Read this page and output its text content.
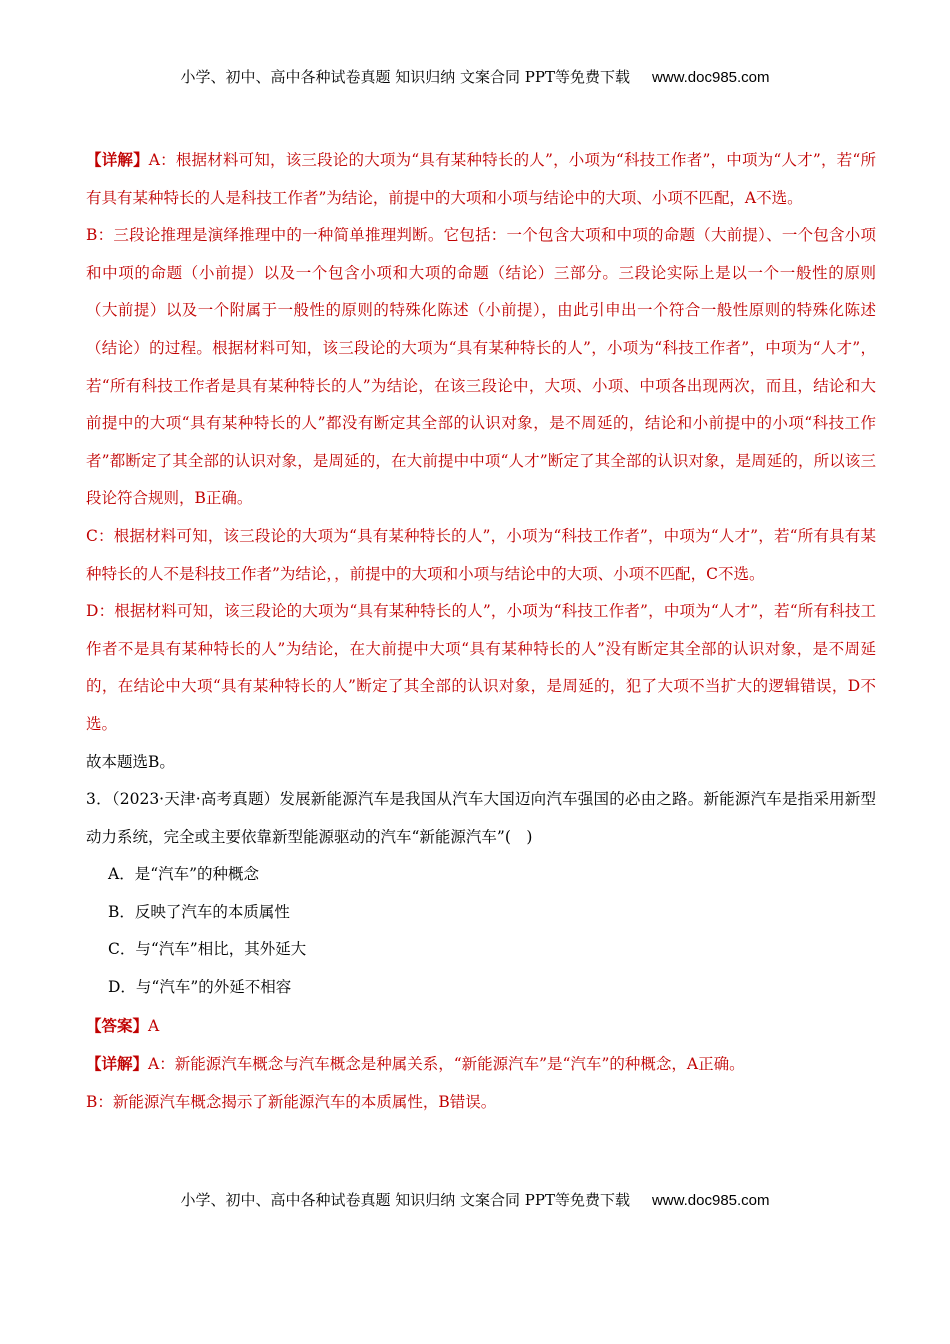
小学、初中、高中各种试卷真题 知识归纳 文案合同 PPT等免费下载 www.doc985.com

【详解】A：根据材料可知，该三段论的大项为“具有某种特长的人”，小项为“科技工作者”，中项为“人才”，若“所有具有某种特长的人是科技工作者”为结论，前提中的大项和小项与结论中的大项、小项不匹配，A不选。

B：三段论推理是演绎推理中的一种简单推理判断。它包括：一个包含大项和中项的命题（大前提）、一个包含小项和中项的命题（小前提）以及一个包含小项和大项的命题（结论）三部分。三段论实际上是以一个一般性的原则（大前提）以及一个附属于一般性的原则的特殊化陈述（小前提），由此引申出一个符合一般性原则的特殊化陈述（结论）的过程。根据材料可知，该三段论的大项为“具有某种特长的人”，小项为“科技工作者”，中项为“人才”，若“所有科技工作者是具有某种特长的人”为结论，在该三段论中，大项、小项、中项各出现两次，而且，结论和大前提中的大项“具有某种特长的人”都没有断定其全部的认识对象，是不周延的，结论和小前提中的小项“科技工作者”都断定了其全部的认识对象，是周延的，在大前提中中项“人才”断定了其全部的认识对象，是周延的，所以该三段论符合规则，B正确。

C：根据材料可知，该三段论的大项为“具有某种特长的人”，小项为“科技工作者”，中项为“人才”，若“所有具有某种特长的人不是科技工作者”为结论，，前提中的大项和小项与结论中的大项、小项不匹配，C不选。

D：根据材料可知，该三段论的大项为“具有某种特长的人”，小项为“科技工作者”，中项为“人才”，若“所有科技工作者不是具有某种特长的人”为结论，在大前提中大项“具有某种特长的人”没有断定其全部的认识对象，是不周延的，在结论中大项“具有某种特长的人”断定了其全部的认识对象，是周延的，犯了大项不当扩大的逻辑错误，D不选。

故本题选B。

3．（2023·天津·高考真题）发展新能源汽车是我国从汽车大国迈向汽车强国的必由之路。新能源汽车是指采用新型动力系统，完全或主要依靠新型能源驱动的汽车“新能源汽车”(　)

A．是“汽车”的种概念

B．反映了汽车的本质属性

C．与“汽车”相比，其外延大

D．与“汽车”的外延不相容

【答案】A

【详解】A：新能源汽车概念与汽车概念是种属关系，“新能源汽车”是“汽车”的种概念，A正确。

B：新能源汽车概念揭示了新能源汽车的本质属性，B错误。

小学、初中、高中各种试卷真题 知识归纳 文案合同 PPT等免费下载 www.doc985.com
